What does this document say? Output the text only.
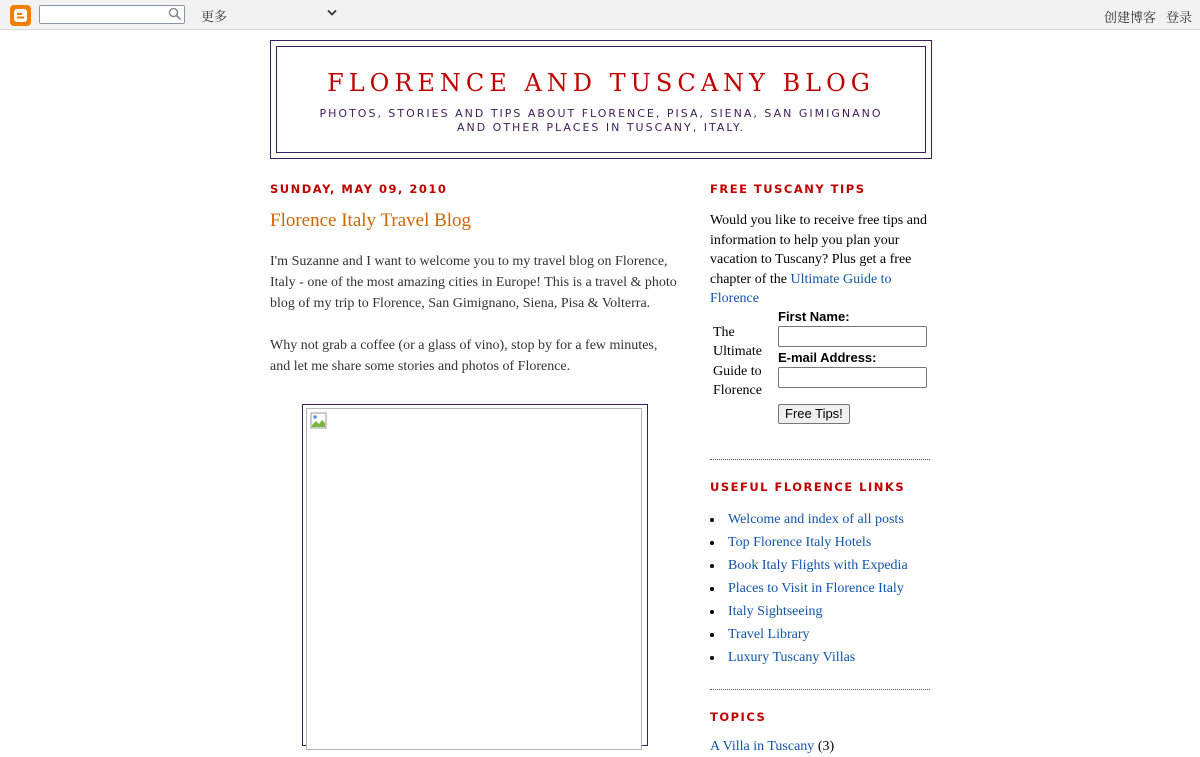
更多	创建博客 登录
FLORENCE AND TUSCANY BLOG
PHOTOS, STORIES AND TIPS ABOUT FLORENCE, PISA, SIENA, SAN GIMIGNANO AND OTHER PLACES IN TUSCANY, ITALY.
SUNDAY, MAY 09, 2010
Florence Italy Travel Blog

I'm Suzanne and I want to welcome you to my travel blog on Florence, Italy - one of the most amazing cities in Europe! This is a travel & photo blog of my trip to Florence, San Gimignano, Siena, Pisa & Volterra.

Why not grab a coffee (or a glass of vino), stop by for a few minutes, and let me share some stories and photos of Florence.

FREE TUSCANY TIPS
Would you like to receive free tips and information to help you plan your vacation to Tuscany? Plus get a free chapter of the Ultimate Guide to Florence
The Ultimate Guide to Florence
First Name:
E-mail Address:
Free Tips!
USEFUL FLORENCE LINKS
Welcome and index of all posts
Top Florence Italy Hotels
Book Italy Flights with Expedia
Places to Visit in Florence Italy
Italy Sightseeing
Travel Library
Luxury Tuscany Villas
TOPICS
A Villa in Tuscany (3)
